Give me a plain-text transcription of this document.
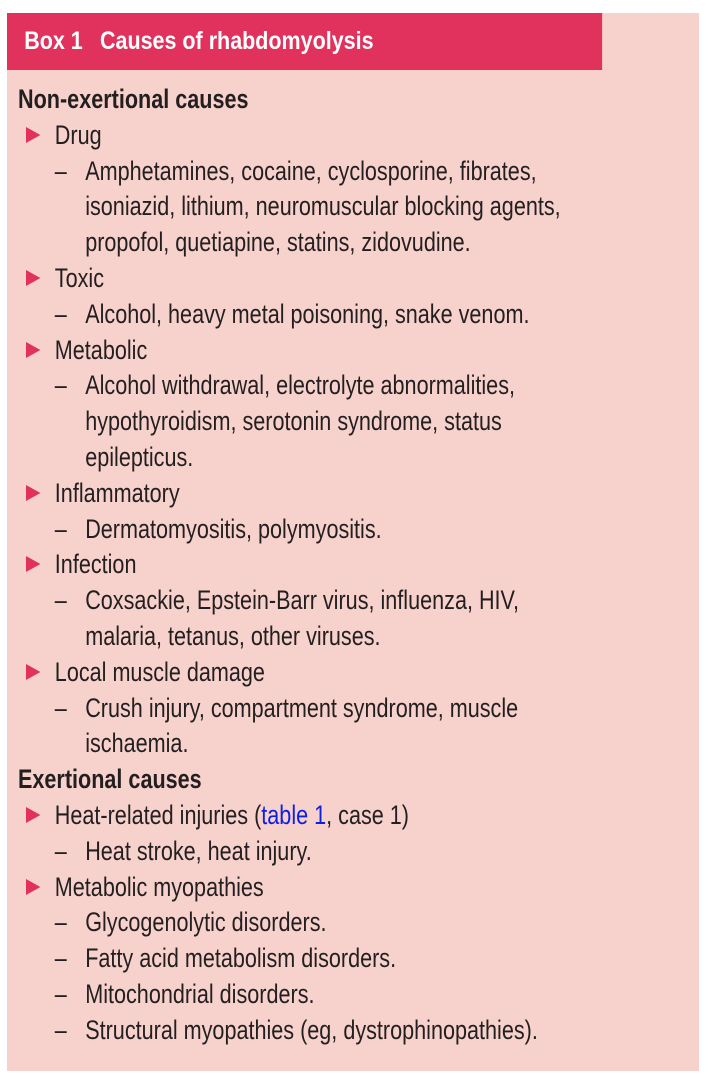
Box 1 Causes of rhabdomyolysis
Non-exertional causes
Drug
– Amphetamines, cocaine, cyclosporine, fibrates,
isoniazid, lithium, neuromuscular blocking agents,
propofol, quetiapine, statins, zidovudine.
Toxic
– Alcohol, heavy metal poisoning, snake venom.
Metabolic
– Alcohol withdrawal, electrolyte abnormalities,
hypothyroidism, serotonin syndrome, status
epilepticus.
Inflammatory
– Dermatomyositis, polymyositis.
Infection
– Coxsackie, Epstein-Barr virus, influenza, HIV,
malaria, tetanus, other viruses.
Local muscle damage
– Crush injury, compartment syndrome, muscle
ischaemia.
Exertional causes
Heat-related injuries (table 1, case 1)
– Heat stroke, heat injury.
Metabolic myopathies
– Glycogenolytic disorders.
– Fatty acid metabolism disorders.
– Mitochondrial disorders.
– Structural myopathies (eg, dystrophinopathies).
